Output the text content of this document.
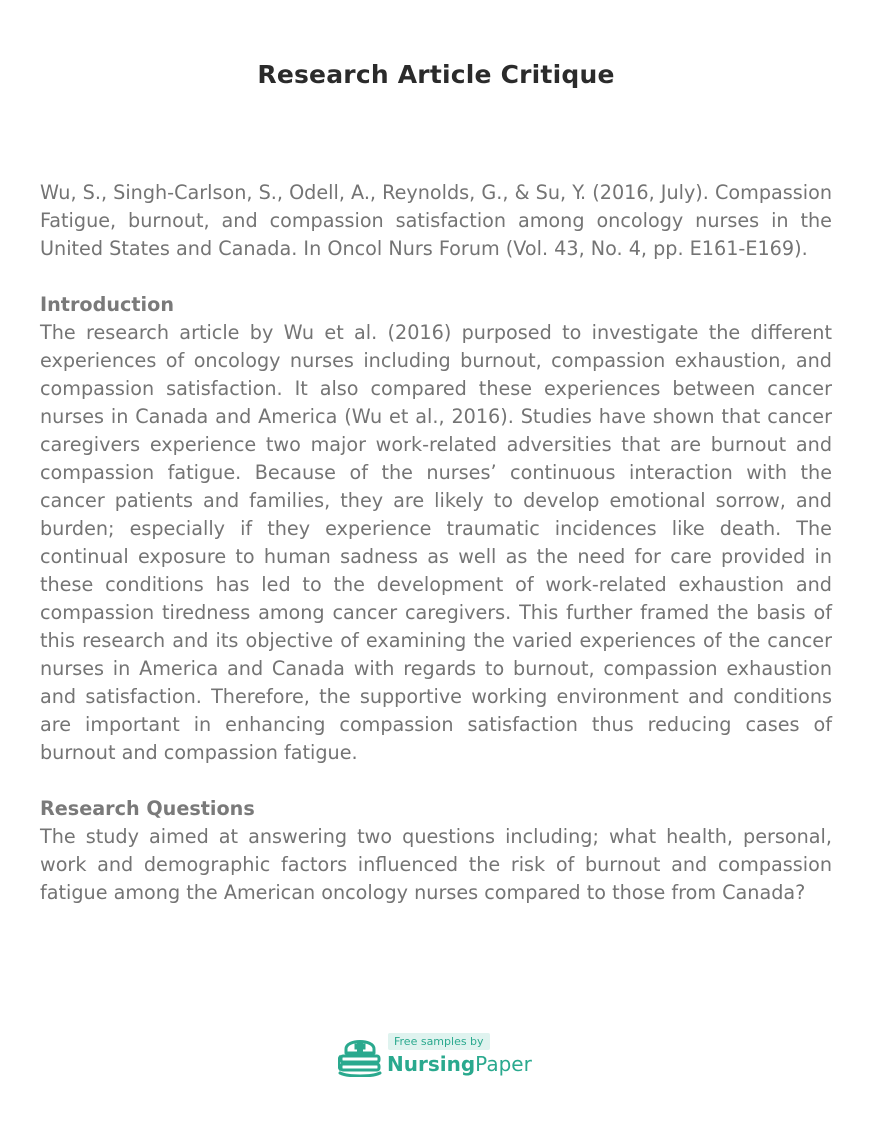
Research Article Critique

Wu, S., Singh-Carlson, S., Odell, A., Reynolds, G., & Su, Y. (2016, July). Compassion Fatigue, burnout, and compassion satisfaction among oncology nurses in the United States and Canada. In Oncol Nurs Forum (Vol. 43, No. 4, pp. E161-E169).

Introduction

The research article by Wu et al. (2016) purposed to investigate the different experiences of oncology nurses including burnout, compassion exhaustion, and compassion satisfaction. It also compared these experiences between cancer nurses in Canada and America (Wu et al., 2016). Studies have shown that cancer caregivers experience two major work-related adversities that are burnout and compassion fatigue. Because of the nurses’ continuous interaction with the cancer patients and families, they are likely to develop emotional sorrow, and burden; especially if they experience traumatic incidences like death. The continual exposure to human sadness as well as the need for care provided in these conditions has led to the development of work-related exhaustion and compassion tiredness among cancer caregivers. This further framed the basis of this research and its objective of examining the varied experiences of the cancer nurses in America and Canada with regards to burnout, compassion exhaustion and satisfaction. Therefore, the supportive working environment and conditions are important in enhancing compassion satisfaction thus reducing cases of burnout and compassion fatigue.

Research Questions

The study aimed at answering two questions including; what health, personal, work and demographic factors influenced the risk of burnout and compassion fatigue among the American oncology nurses compared to those from Canada?

Free samples by
NursingPaper
